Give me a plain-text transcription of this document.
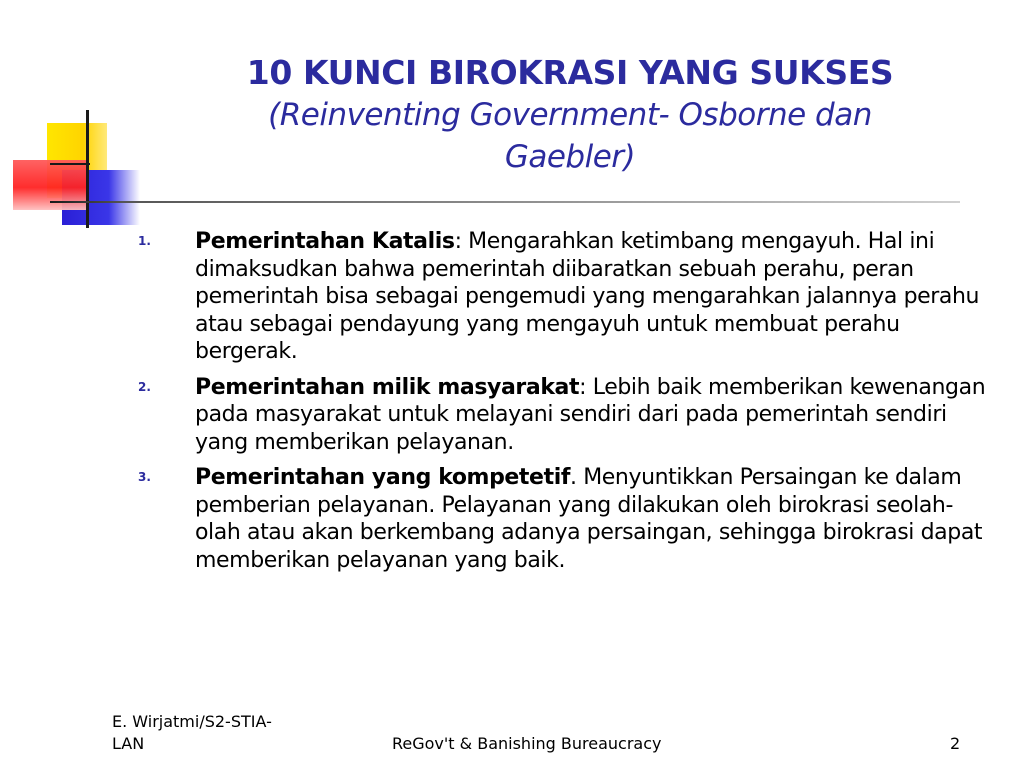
10 KUNCI BIROKRASI YANG SUKSES
(Reinventing Government- Osborne dan
Gaebler)
1. Pemerintahan Katalis: Mengarahkan ketimbang mengayuh. Hal ini dimaksudkan bahwa pemerintah diibaratkan sebuah perahu, peran pemerintah bisa sebagai pengemudi yang mengarahkan jalannya perahu atau sebagai pendayung yang mengayuh untuk membuat perahu bergerak.
2. Pemerintahan milik masyarakat: Lebih baik memberikan kewenangan pada masyarakat untuk melayani sendiri dari pada pemerintah sendiri yang memberikan pelayanan.
3. Pemerintahan yang kompetetif. Menyuntikkan Persaingan ke dalam pemberian pelayanan. Pelayanan yang dilakukan oleh birokrasi seolah-olah atau akan berkembang adanya persaingan, sehingga birokrasi dapat memberikan pelayanan yang baik.
E. Wirjatmi/S2-STIA-
LAN	ReGov't & Banishing Bureaucracy	2
